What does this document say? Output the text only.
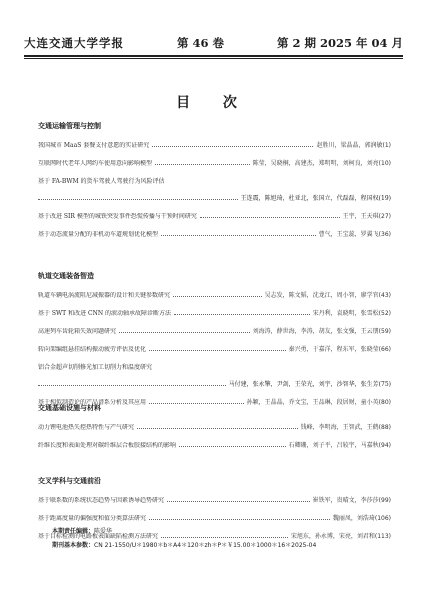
大连交通大学学报	第 46 卷	第 2 期 2025 年 04 月
目 次
交通运输管理与控制
我国城市 MaaS 套餐支付意愿的实证研究	赵胜川，梁晶晶，郭润敏 ( 1 )
互联网时代老年人网约车使用意向影响模型	陈莹，吴晓桐，高建杰，郑明明，刘柯良，刘亮 ( 10 )
基于 FA-BWM 的货车驾驶人驾驶行为风险评估
王连震，陈旭琦，杜亚北，张国立，代磊磊，程国权 ( 19 )
基于改进 SIR 模型的城铁突发事件恐慌传播与干预时间研究	王宇，王天琪 ( 27 )
基于动态流量分配的非机动车道规划优化模型	曹气，王宝蕊，罗翼飞 ( 36 )
轨道交通装备智造
轨道车辆电涡流阻尼减振器的设计和关键参数研究	吴志发，陈文韬，沈龙江，周小智，廖学官 ( 43 )
基于 SWT 和改进 CNN 的滚动轴承故障诊断方法	宋丹利，袁晓明，张雪松 ( 52 )
高速列车齿轮箱失效问题研究	刘海涛，薛世海，李涛，胡友，张文强，王云朋 ( 59 )
转向架编组悬挂结构振动疲劳评估及优化	秦兴勇，于嘉洋，程东军，张晓莹 ( 66 )
铝合金超声切削修光加工切削力和温度研究
马付建，张永擎，尹剑，王荣光，刘宇，沙智华，张生芳 ( 75 )
基于相似制造论的产品谱系分析及其应用	孙颖，王晶晶，乔文宝，王品琳，段居财，童小英 ( 80 )
交通基础设施与材料
动力锂电池热失控热特性与产气研究	钱峰，李明海，王智武，王鹤 ( 88 )
纤维长度和表面处理对碳纤维层合板胶接结构的影响	石卿珊，刘子平，吕较宇，马嘉秋 ( 94 )
交叉学科与交通前沿
基于联系数的系统状态趋势与因素诱导趋势研究	崔铁军，贵晴文，李莎莎 ( 99 )
基于距离度量的偏强度和值分类算法研究	魏丽凤，刘浩琦 ( 106 )
基于目标检测的电路板表面缺陷检测方法研究	宋旭东，孙永博，宋亮，刘君和 ( 113 )
本期责任编辑：陈爱华
期刊基本参数：CN 21-1550/U＊1980＊b＊A4＊120＊zh＊P＊￥15.00＊1000＊16＊2025-04
